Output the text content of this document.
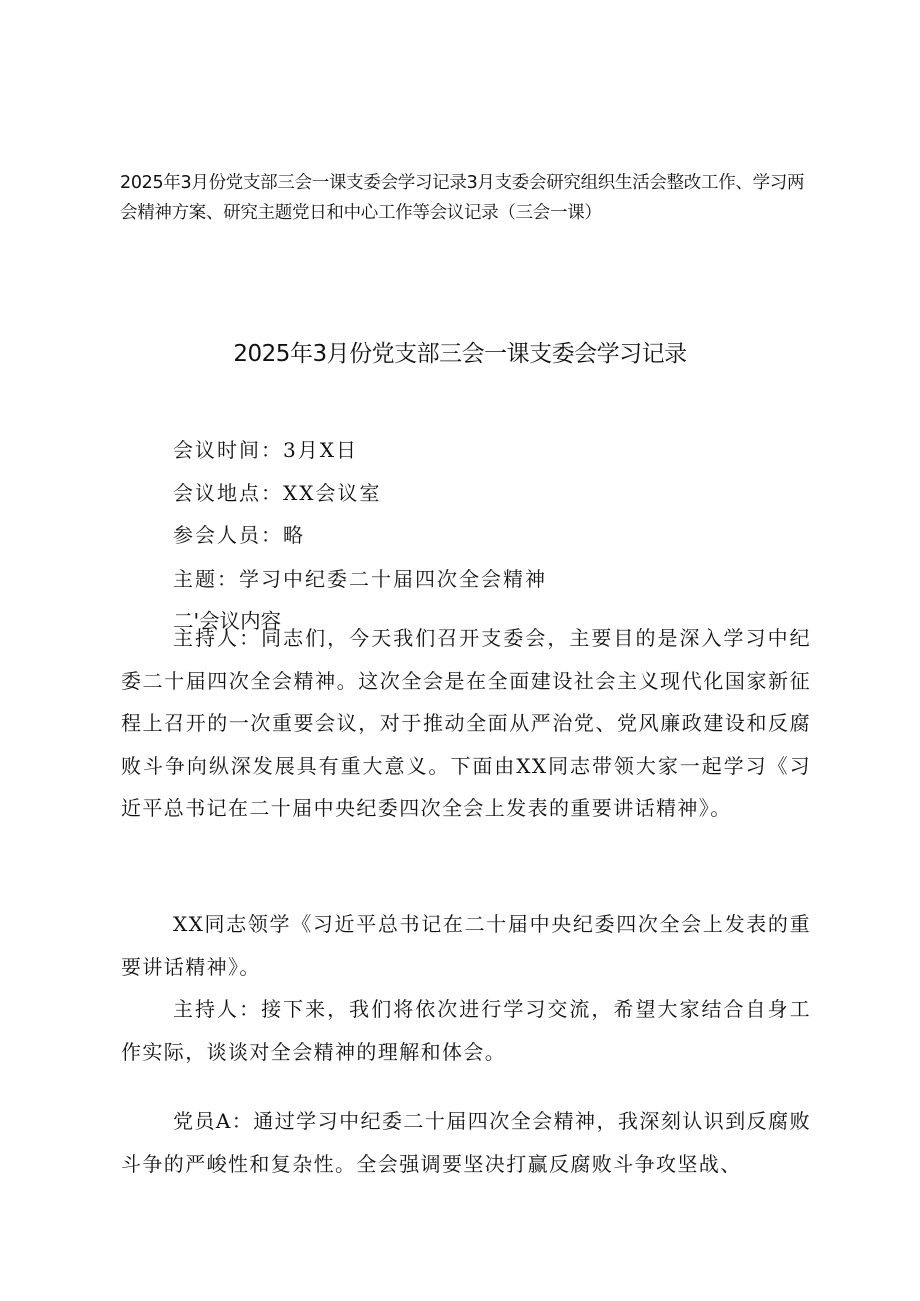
2025年3月份党支部三会一课支委会学习记录3月支委会研究组织生活会整改工作、学习两会精神方案、研究主题党日和中心工作等会议记录（三会一课）
2025年3月份党支部三会一课支委会学习记录
会议时间：3月X日
会议地点：XX会议室
参会人员：略
主题：学习中纪委二十届四次全会精神
二'会议内容

主持人：同志们，今天我们召开支委会，主要目的是深入学习中纪委二十届四次全会精神。这次全会是在全面建设社会主义现代化国家新征程上召开的一次重要会议，对于推动全面从严治党、党风廉政建设和反腐败斗争向纵深发展具有重大意义。下面由XX同志带领大家一起学习《习近平总书记在二十届中央纪委四次全会上发表的重要讲话精神》。

XX同志领学《习近平总书记在二十届中央纪委四次全会上发表的重要讲话精神》。

主持人：接下来，我们将依次进行学习交流，希望大家结合自身工作实际，谈谈对全会精神的理解和体会。

党员A：通过学习中纪委二十届四次全会精神，我深刻认识到反腐败斗争的严峻性和复杂性。全会强调要坚决打赢反腐败斗争攻坚战、
